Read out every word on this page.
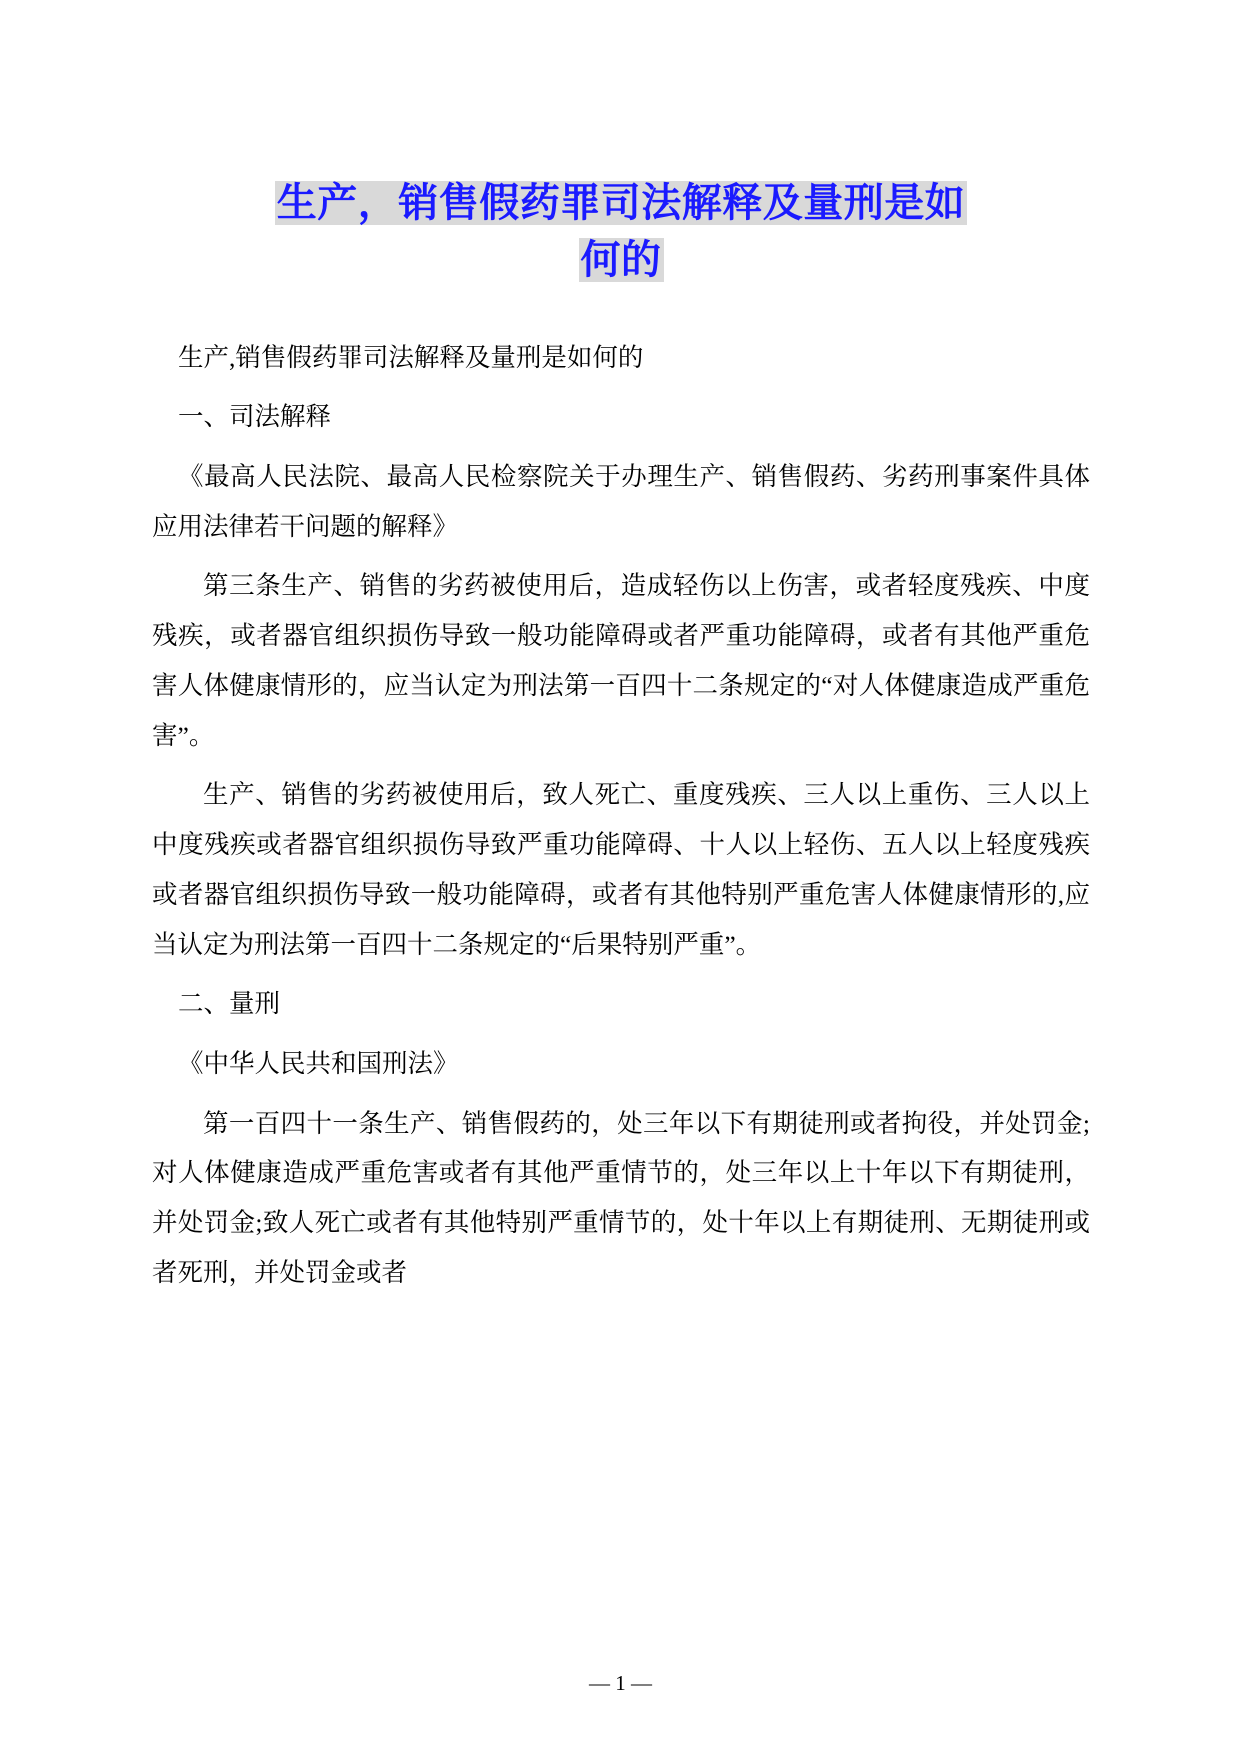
生产，销售假药罪司法解释及量刑是如
何的

生产,销售假药罪司法解释及量刑是如何的

一、司法解释

《最高人民法院、最高人民检察院关于办理生产、销售假药、劣药刑事案件具体应用法律若干问题的解释》

第三条生产、销售的劣药被使用后，造成轻伤以上伤害，或者轻度残疾、中度残疾，或者器官组织损伤导致一般功能障碍或者严重功能障碍，或者有其他严重危害人体健康情形的，应当认定为刑法第一百四十二条规定的“对人体健康造成严重危害”。

生产、销售的劣药被使用后，致人死亡、重度残疾、三人以上重伤、三人以上中度残疾或者器官组织损伤导致严重功能障碍、十人以上轻伤、五人以上轻度残疾或者器官组织损伤导致一般功能障碍，或者有其他特别严重危害人体健康情形的,应当认定为刑法第一百四十二条规定的“后果特别严重”。

二、量刑

《中华人民共和国刑法》

第一百四十一条生产、销售假药的，处三年以下有期徒刑或者拘役，并处罚金;对人体健康造成严重危害或者有其他严重情节的，处三年以上十年以下有期徒刑，并处罚金;致人死亡或者有其他特别严重情节的，处十年以上有期徒刑、无期徒刑或者死刑，并处罚金或者

— 1 —
